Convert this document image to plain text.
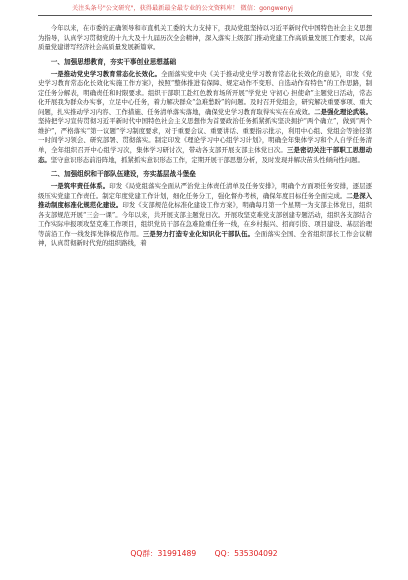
关注头条号"公文研究"，获得最新最全最专业的公文资料库！ 微信：gongwenyj

今年以来，在市委的正确领导和市直机关工委的大力支持下，我局党组坚持以习近平新时代中国特色社会主义思想为指导，认真学习贯彻党的十九大及十九届历次全会精神，深入落实上级部门推动党建工作高质量发展工作要求，以高质量党建谱写经济社会高质量发展新篇章。

一、加强思想教育，夯实干事创业思想基础

一是推动党史学习教育常态化长效化。全面落实党中央《关于推动党史学习教育常态化长效化的意见》，印发《党史学习教育常态化长效化实施工作方案》，按照“整体推进有保障、规定动作不变形、自选动作有特色”的工作思路，制定任务分解表，明确责任和时限要求。组织干部职工赴红色教育场所开展“学党史 守初心 担使命”主题党日活动，常态化开展我为群众办实事，立足中心任务，着力解决群众“急难愁盼”的问题。及时召开党组会，研究解决重要事项、重大问题，扎实推动学习内容、工作措施、任务清单落实落地，确保党史学习教育取得实实在在成效。二是强化理论武装。坚持把学习宣传贯彻习近平新时代中国特色社会主义思想作为首要政治任务抓紧抓实坚决拥护“两个确立”，做到“两个维护”，严格落实“第一议题”学习制度要求，对于重要会议、重要讲话、重要指示批示，利用中心组、党组会等途径第一时间学习领会、研究部署、贯彻落实。制定印发《理论学习中心组学习计划》，明确全年集体学习和个人自学任务清单，全年组织召开中心组学习次，集体学习研讨次，带动各支部开展支部主体党日次。三是密切关注干部职工思想动态。坚守意识形态前沿阵地，抓紧抓实意识形态工作，定期开展干部思想分析，及时发现并解决苗头性倾向性问题。

二、加强组织和干部队伍建设，夯实基层战斗堡垒

一是筑牢责任体系。印发《局党组落实全面从严治党主体责任清单及任务安排》，明确个方面项任务安排，逐层逐级压实党建工作责任。制定年度党建工作计划，细化任务分工，强化督办考核，确保年度目标任务全面完成。二是深入推动制度标准化规范化建设。印发《支部规范化标准化建设工作方案》，明确每月第一个星期一为支部主体党日，组织各支部规范开展“三会一课”。今年以来，共开展支部主题党日次。开展攻坚克难党支部创建专题活动，组织各支部结合工作实际申报项攻坚克难工作项目，组织党员干部在急难险重任务一线，在乡村振兴、招商引资、项目建设、基层治理等前沿工作一线发挥先锋模范作用。三是努力打造专业化知识化干部队伍。全面落实全国、全省组织部长工作会议精神，认真贯彻新时代党的组织路线，着

QQ群：31991489 QQ：535304092
